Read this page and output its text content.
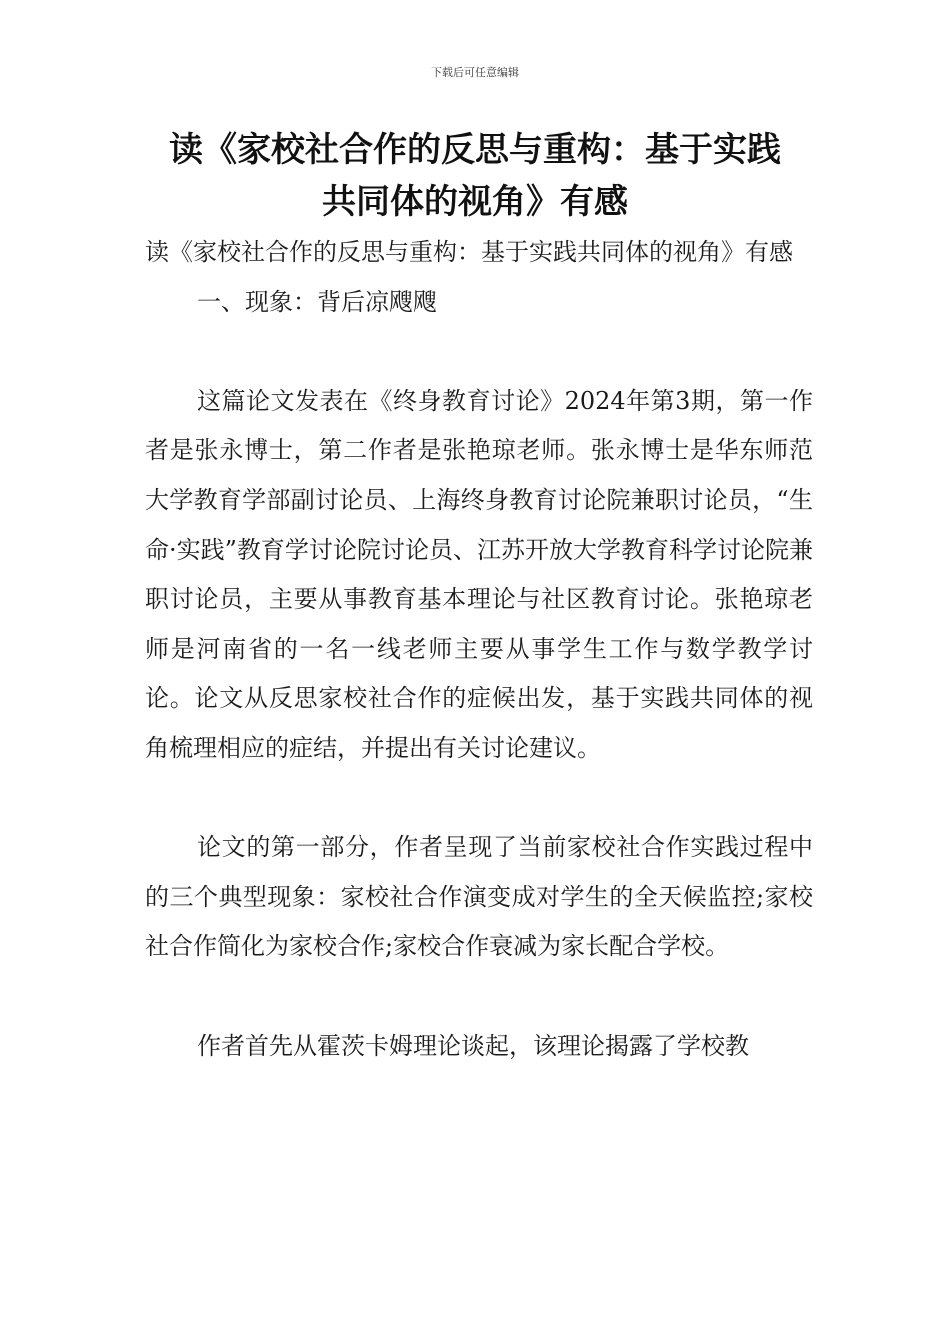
下载后可任意编辑
读《家校社合作的反思与重构：基于实践
共同体的视角》有感

读《家校社合作的反思与重构：基于实践共同体的视角》有感

一、现象：背后凉飕飕

这篇论文发表在《终身教育讨论》2024年第3期，第一作者是张永博士，第二作者是张艳琼老师。张永博士是华东师范大学教育学部副讨论员、上海终身教育讨论院兼职讨论员，“生命·实践”教育学讨论院讨论员、江苏开放大学教育科学讨论院兼职讨论员，主要从事教育基本理论与社区教育讨论。张艳琼老师是河南省的一名一线老师主要从事学生工作与数学教学讨论。论文从反思家校社合作的症候出发，基于实践共同体的视角梳理相应的症结，并提出有关讨论建议。

论文的第一部分，作者呈现了当前家校社合作实践过程中的三个典型现象：家校社合作演变成对学生的全天候监控;家校社合作简化为家校合作;家校合作衰减为家长配合学校。

作者首先从霍茨卡姆理论谈起，该理论揭露了学校教
